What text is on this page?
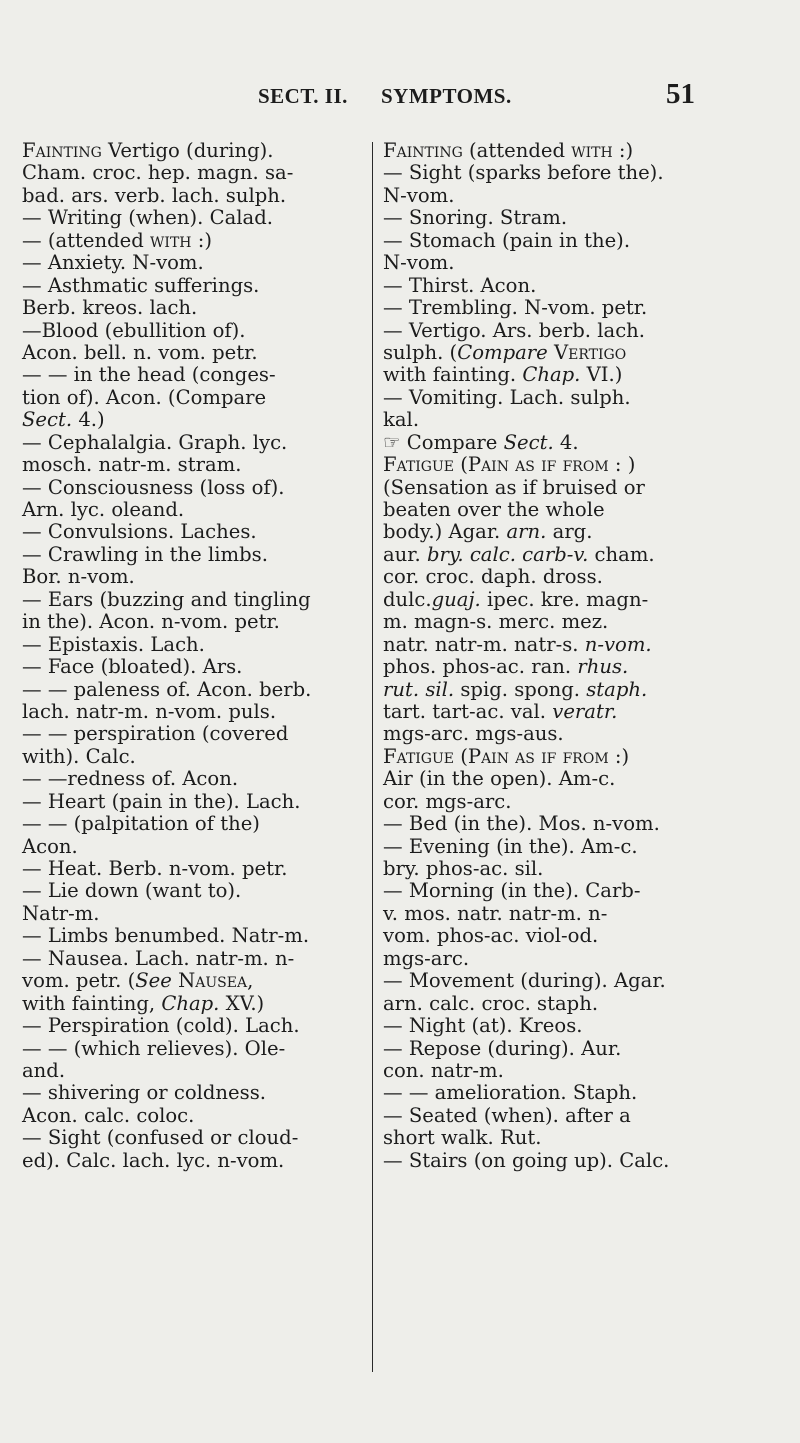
SECT. II. SYMPTOMS.	51
Fainting Vertigo (during).
Cham. croc. hep. magn. sa-
bad. ars. verb. lach. sulph.
— Writing (when). Calad.
— (attended with :)
— Anxiety. N-vom.
— Asthmatic sufferings.
Berb. kreos. lach.
—Blood (ebullition of).
Acon. bell. n. vom. petr.
— — in the head (conges-
tion of). Acon. (Compare
Sect. 4.)
— Cephalalgia. Graph. lyc.
mosch. natr-m. stram.
— Consciousness (loss of).
Arn. lyc. oleand.
— Convulsions. Laches.
— Crawling in the limbs.
Bor. n-vom.
— Ears (buzzing and tingling
in the). Acon. n-vom. petr.
— Epistaxis. Lach.
— Face (bloated). Ars.
— — paleness of. Acon. berb.
lach. natr-m. n-vom. puls.
— — perspiration (covered
with). Calc.
— —redness of. Acon.
— Heart (pain in the). Lach.
— — (palpitation of the)
Acon.
— Heat. Berb. n-vom. petr.
— Lie down (want to).
Natr-m.
— Limbs benumbed. Natr-m.
— Nausea. Lach. natr-m. n-
vom. petr. (See Nausea,
with fainting, Chap. XV.)
— Perspiration (cold). Lach.
— — (which relieves). Ole-
and.
— shivering or coldness.
Acon. calc. coloc.
— Sight (confused or cloud-
ed). Calc. lach. lyc. n-vom.
Fainting (attended with :)
— Sight (sparks before the).
N-vom.
— Snoring. Stram.
— Stomach (pain in the).
N-vom.
— Thirst. Acon.
— Trembling. N-vom. petr.
— Vertigo. Ars. berb. lach.
sulph. (Compare Vertigo
with fainting. Chap. VI.)
— Vomiting. Lach. sulph.
kal.
☞ Compare Sect. 4.
Fatigue (Pain as if from : )
(Sensation as if bruised or
beaten over the whole
body.) Agar. arn. arg.
aur. bry. calc. carb-v. cham.
cor. croc. daph. dross.
dulc.guaj. ipec. kre. magn-
m. magn-s. merc. mez.
natr. natr-m. natr-s. n-vom.
phos. phos-ac. ran. rhus.
rut. sil. spig. spong. staph.
tart. tart-ac. val. veratr.
mgs-arc. mgs-aus.
Fatigue (Pain as if from :)
Air (in the open). Am-c.
cor. mgs-arc.
— Bed (in the). Mos. n-vom.
— Evening (in the). Am-c.
bry. phos-ac. sil.
— Morning (in the). Carb-
v. mos. natr. natr-m. n-
vom. phos-ac. viol-od.
mgs-arc.
— Movement (during). Agar.
arn. calc. croc. staph.
— Night (at). Kreos.
— Repose (during). Aur.
con. natr-m.
— — amelioration. Staph.
— Seated (when). after a
short walk. Rut.
— Stairs (on going up). Calc.
